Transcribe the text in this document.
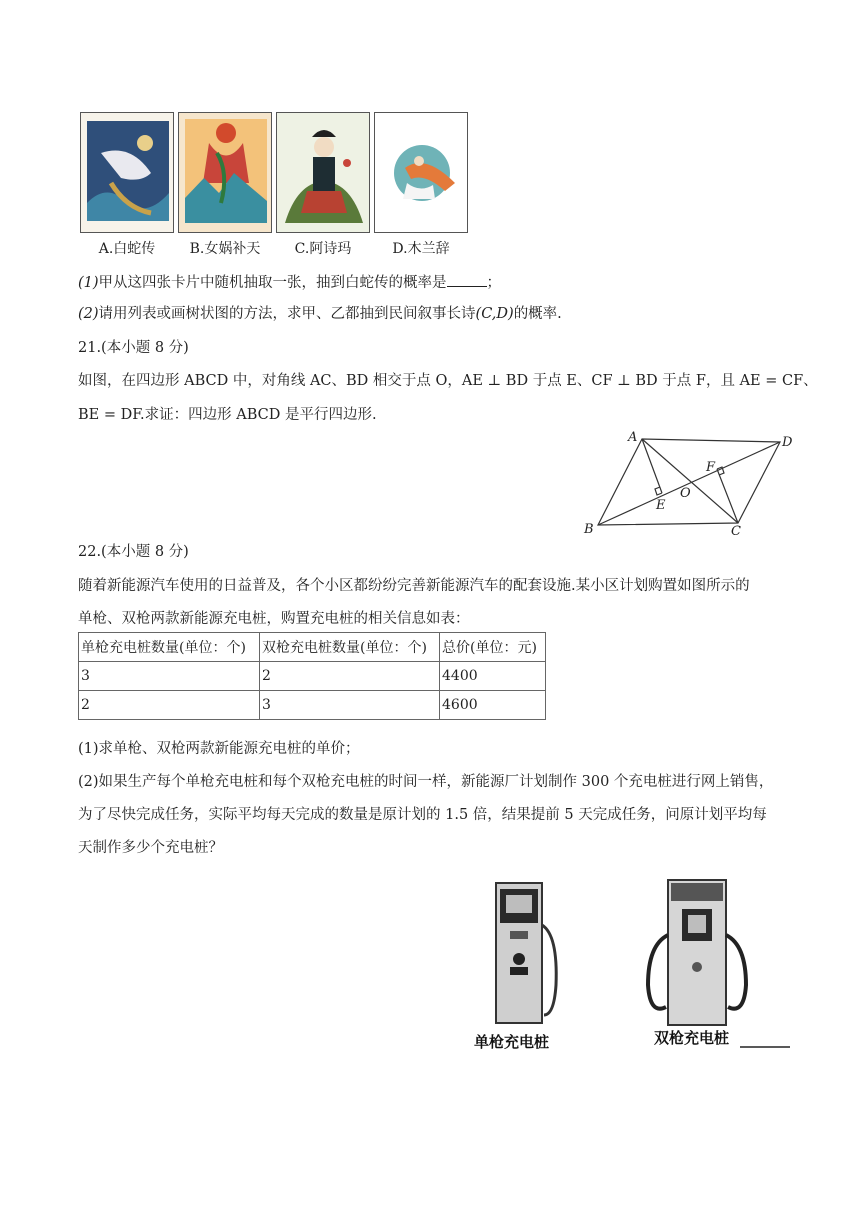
A.白蛇传	B.女娲补天	C.阿诗玛	D.木兰辞
(1)甲从这四张卡片中随机抽取一张，抽到白蛇传的概率是	；
(2)请用列表或画树状图的方法，求甲、乙都抽到民间叙事长诗(C,D)的概率.
21.(本小题 8 分)
如图，在四边形 ABCD 中，对角线 AC、BD 相交于点 O，AE ⊥ BD 于点 E、CF ⊥ BD 于点 F，且 AE = CF、
BE = DF.求证：四边形 ABCD 是平行四边形.
A	D
B	C
F
E
O
22.(本小题 8 分)
随着新能源汽车使用的日益普及，各个小区都纷纷完善新能源汽车的配套设施.某小区计划购置如图所示的
单枪、双枪两款新能源充电桩，购置充电桩的相关信息如表：
单枪充电桩数量(单位：个)	双枪充电桩数量(单位：个)	总价(单位：元)
3	2	4400
2	3	4600
(1)求单枪、双枪两款新能源充电桩的单价；
(2)如果生产每个单枪充电桩和每个双枪充电桩的时间一样，新能源厂计划制作 300 个充电桩进行网上销售，
为了尽快完成任务，实际平均每天完成的数量是原计划的 1.5 倍，结果提前 5 天完成任务，问原计划平均每
天制作多少个充电桩？
单枪充电桩	双枪充电桩
